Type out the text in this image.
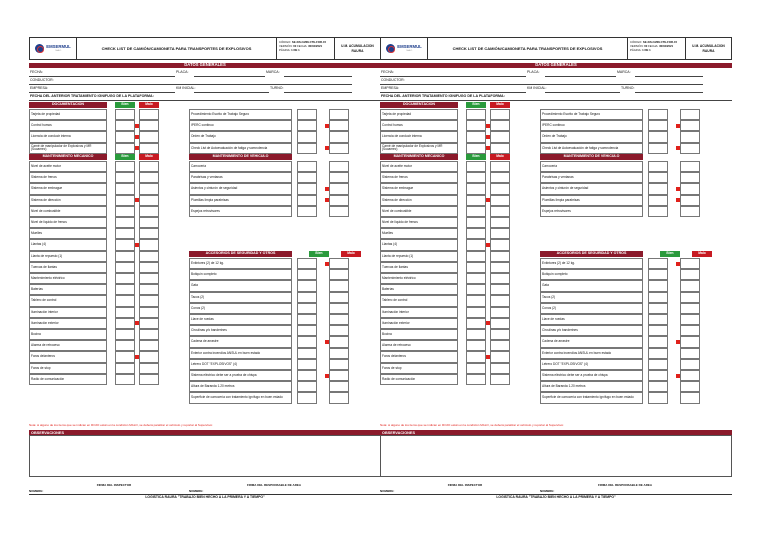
EMSERMUL
S.A.C.	CHECK LIST DE CAMIÓN/CAMIONETA PARA TRANSPORTES DE EXPLOSIVOS
CÓDIGO: SE-RAU-MIN-CTE-FOR-15
VERSIÓN: 00 FECHA: 30/04/2021
PÁGINA: 1 DE 1
U.M. ACUMULACION RAURA
DATOS GENERALES
FECHA:	PLACA:	MARCA:
CONDUCTOR:
EMPRESA:	KM INICIAL:	TURNO:
FECHA DEL ANTERIOR TRATAMIENTO IGNIFUGO DE LA PLATAFORMA:
DOCUMENTACION	Bien	Malo
Tarjeta de propiedad
Control humos
Licencia de conducir interna
Carné de manipulador de Explosivos y MR (Sucamec)
Procedimiento Escrito de Trabajo Seguro
IPERC continuo
Orden de Trabajo
Check List de Autoevaluación de fatiga y somnolencia
MANTENIMIENTO MECANICO	Bien	Malo
Nivel de aceite motor
Sistema de frenos
Sistema de embrague
Sistema de dirección
Nivel de combustible
Nivel de liquido de frenos
Muelles
Llantas (4)
Llanta de repuesto (1)
Tuercas de llantas
Mantenimiento eléctrico
Baterías
Tablero de control
Iluminación interior
Iluminación exterior
Bocina
Alarma de retroceso
Faros delanteros
Faros de stop
Radio de comunicación
MANTENIMIENTO DE VEHICULO
Carrocería
Parabrisas y ventanas
Asientos y cinturón de seguridad
Plumillas limpia parabrisas
Espejos retrovisores
ACCESORIOS DE SEGURIDAD Y OTROS	Bien	Malo
Extintores (2) de 12 kg.
Botiquín completo
Gata
Tacos (2)
Conos (2)
Llave de ruedas
Circulinas y/o banderines
Cadena de arrastre
Exterior contra incendios ANSUL en buen estado
Letrero DOT "EXPLOSIVOS" (4)
Sistema eléctrico debe ser a prueba de chispa
Altura de Baranda 1.20 metros
Superficie de carrocería con tratamiento ignífugo en buen estado
Nota: si alguno de los items que se indican en ROJO están en la condición MALO, se deberá paralizar el vehículo y reportar al Supervisor.
OBSERVACIONES
FIRMA DEL INSPECTOR	FIRMA DEL RESPONSABLE DE AREA
NOMBRE:	NOMBRE:
LOGISTICA RAURA "TRABAJO BIEN HECHO A LA PRIMERA Y A TIEMPO"
EMSERMUL
S.A.C.	CHECK LIST DE CAMIÓN/CAMIONETA PARA TRANSPORTES DE EXPLOSIVOS
CÓDIGO: SE-RAU-MIN-CTE-FOR-15
VERSIÓN: 00 FECHA: 30/04/2021
PÁGINA: 1 DE 1
U.M. ACUMULACION RAURA
DATOS GENERALES
FECHA:	PLACA:	MARCA:
CONDUCTOR:
EMPRESA:	KM INICIAL:	TURNO:
FECHA DEL ANTERIOR TRATAMIENTO IGNIFUGO DE LA PLATAFORMA:
DOCUMENTACION	Bien	Malo
Tarjeta de propiedad
Control humos
Licencia de conducir interna
Carné de manipulador de Explosivos y MR (Sucamec)
Procedimiento Escrito de Trabajo Seguro
IPERC continuo
Orden de Trabajo
Check List de Autoevaluación de fatiga y somnolencia
MANTENIMIENTO MECANICO	Bien	Malo
Nivel de aceite motor
Sistema de frenos
Sistema de embrague
Sistema de dirección
Nivel de combustible
Nivel de liquido de frenos
Muelles
Llantas (4)
Llanta de repuesto (1)
Tuercas de llantas
Mantenimiento eléctrico
Baterías
Tablero de control
Iluminación interior
Iluminación exterior
Bocina
Alarma de retroceso
Faros delanteros
Faros de stop
Radio de comunicación
MANTENIMIENTO DE VEHICULO
Carrocería
Parabrisas y ventanas
Asientos y cinturón de seguridad
Plumillas limpia parabrisas
Espejos retrovisores
ACCESORIOS DE SEGURIDAD Y OTROS	Bien	Malo
Extintores (2) de 12 kg.
Botiquín completo
Gata
Tacos (2)
Conos (2)
Llave de ruedas
Circulinas y/o banderines
Cadena de arrastre
Exterior contra incendios ANSUL en buen estado
Letrero DOT "EXPLOSIVOS" (4)
Sistema eléctrico debe ser a prueba de chispa
Altura de Baranda 1.20 metros
Superficie de carrocería con tratamiento ignífugo en buen estado
Nota: si alguno de los items que se indican en ROJO están en la condición MALO, se deberá paralizar el vehículo y reportar al Supervisor.
OBSERVACIONES
FIRMA DEL INSPECTOR	FIRMA DEL RESPONSABLE DE AREA
NOMBRE:	NOMBRE:
LOGISTICA RAURA "TRABAJO BIEN HECHO A LA PRIMERA Y A TIEMPO"
